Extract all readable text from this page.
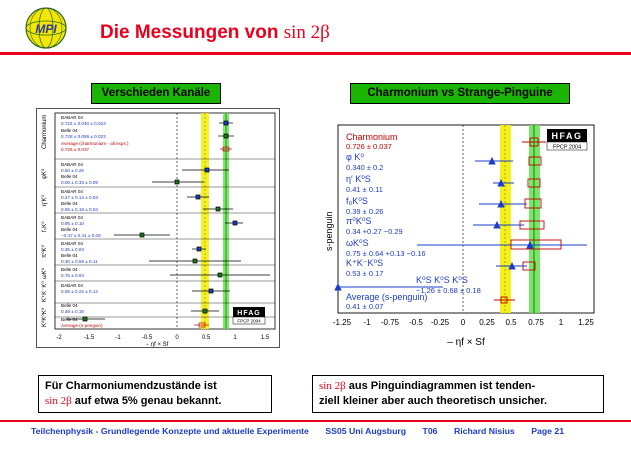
MPI Die Messungen von sin 2β
Verschieden Kanäle	Charmonium vs Strange-Pinguine
Charmonium
φK⁰
η′K⁰
f₀K⁰
π⁰K⁰
ωK⁰
K⁺K⁻K⁰
K⁰K⁰K⁰
BABAR 04
0.722 ± 0.040 ± 0.023
Belle 04
0.728 ± 0.056 ± 0.023
Average (charmonium - all exps.)
0.726 ± 0.037
BABAR 04
0.50 ± 0.25
Belle 04
0.06 ± 0.33 ± 0.09
BABAR 04
0.27 ± 0.14 ± 0.03
Belle 04
0.65 ± 0.18 ± 0.04
BABAR 04
0.95 ± 0.10
Belle 04
−0.47 ± 0.41 ± 0.08
BABAR 04
0.35 ± 0.04
Belle 04
0.30 ± 0.59 ± 0.11
Belle 04
0.75 ± 0.64
BABAR 04
0.55 ± 0.22 ± 0.12
Belle 04
0.49 ± 0.18
Belle 04
Average (s-penguin)
HFAG
FPCP 2004
-2	-1.5	-1	-0.5	0	0.5	1	1.5
− ηf × Sf
s-penguin
Charmonium
0.726 ± 0.037
φ K⁰
0.340 ± 0.2
η′ K⁰S
0.41 ± 0.11
f₀K⁰S
0.39 ± 0.26
π⁰K⁰S
0.34 +0.27 −0.29
ωK⁰S
0.75 ± 0.64 +0.13 −0.16
K⁺K⁻K⁰S
0.53 ± 0.17
K⁰S K⁰S K⁰S
−1.26 ± 0.68 ± 0.18
Average (s-penguin)
0.41 ± 0.07
HFAG
FPCP 2004
-1.25 -1 -0.75 -0.5 -0.25 0 0.25 0.5 0.75 1 1.25
– ηf × Sf
Für Charmoniumendzustände ist
sin 2β auf etwa 5% genau bekannt.
sin 2β aus Pinguindiagrammen ist tenden-
ziell kleiner aber auch theoretisch unsicher.
Teilchenphysik - Grundlegende Konzepte und aktuelle Experimente SS05 Uni Augsburg T06 Richard Nisius Page 21
